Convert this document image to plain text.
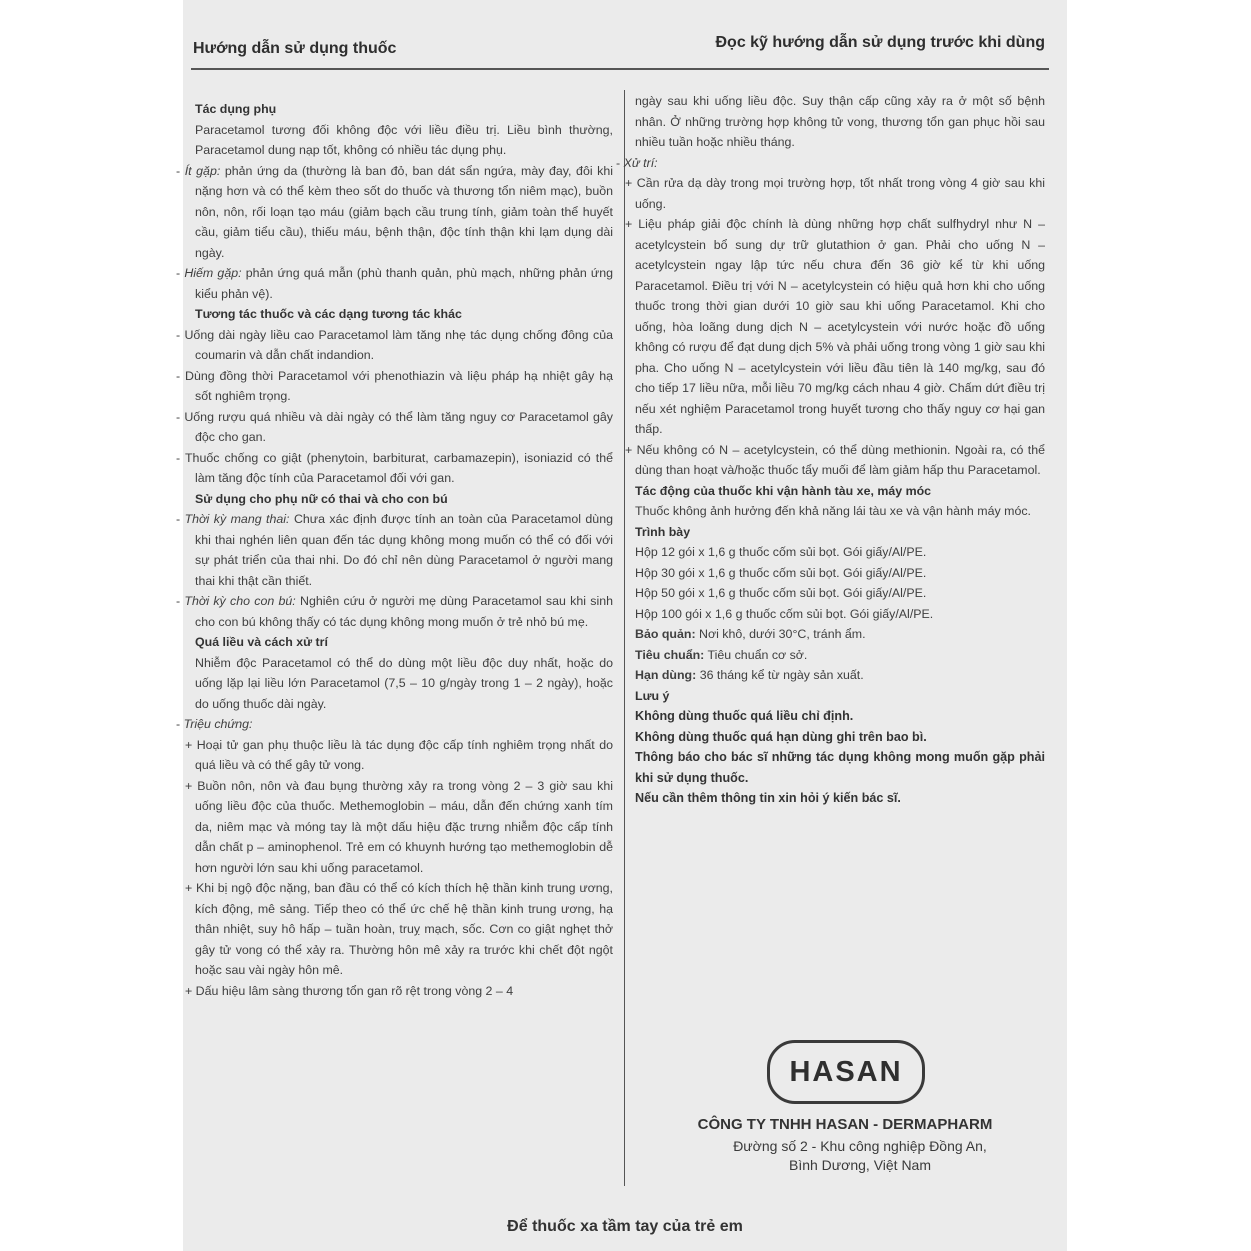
Hướng dẫn sử dụng thuốc	Đọc kỹ hướng dẫn sử dụng trước khi dùng

Tác dụng phụ

Paracetamol tương đối không độc với liều điều trị. Liều bình thường, Paracetamol dung nạp tốt, không có nhiều tác dụng phụ.

- Ít gặp: phản ứng da (thường là ban đỏ, ban dát sẩn ngứa, mày đay, đôi khi nặng hơn và có thể kèm theo sốt do thuốc và thương tổn niêm mạc), buồn nôn, nôn, rối loạn tạo máu (giảm bạch cầu trung tính, giảm toàn thể huyết cầu, giảm tiểu cầu), thiếu máu, bệnh thận, độc tính thận khi lạm dụng dài ngày.

- Hiếm gặp: phản ứng quá mẫn (phù thanh quản, phù mạch, những phản ứng kiểu phản vệ).

Tương tác thuốc và các dạng tương tác khác

- Uống dài ngày liều cao Paracetamol làm tăng nhẹ tác dụng chống đông của coumarin và dẫn chất indandion.

- Dùng đồng thời Paracetamol với phenothiazin và liệu pháp hạ nhiệt gây hạ sốt nghiêm trọng.

- Uống rượu quá nhiều và dài ngày có thể làm tăng nguy cơ Paracetamol gây độc cho gan.

- Thuốc chống co giật (phenytoin, barbiturat, carbamazepin), isoniazid có thể làm tăng độc tính của Paracetamol đối với gan.

Sử dụng cho phụ nữ có thai và cho con bú

- Thời kỳ mang thai: Chưa xác định được tính an toàn của Paracetamol dùng khi thai nghén liên quan đến tác dụng không mong muốn có thể có đối với sự phát triển của thai nhi. Do đó chỉ nên dùng Paracetamol ở người mang thai khi thật cần thiết.

- Thời kỳ cho con bú: Nghiên cứu ở người mẹ dùng Paracetamol sau khi sinh cho con bú không thấy có tác dụng không mong muốn ở trẻ nhỏ bú mẹ.

Quá liều và cách xử trí

Nhiễm độc Paracetamol có thể do dùng một liều độc duy nhất, hoặc do uống lặp lại liều lớn Paracetamol (7,5 – 10 g/ngày trong 1 – 2 ngày), hoặc do uống thuốc dài ngày.

- Triệu chứng:

+ Hoại tử gan phụ thuộc liều là tác dụng độc cấp tính nghiêm trọng nhất do quá liều và có thể gây tử vong.

+ Buồn nôn, nôn và đau bụng thường xảy ra trong vòng 2 – 3 giờ sau khi uống liều độc của thuốc. Methemoglobin – máu, dẫn đến chứng xanh tím da, niêm mạc và móng tay là một dấu hiệu đặc trưng nhiễm độc cấp tính dẫn chất p – aminophenol. Trẻ em có khuynh hướng tạo methemoglobin dễ hơn người lớn sau khi uống paracetamol.

+ Khi bị ngộ độc nặng, ban đầu có thể có kích thích hệ thần kinh trung ương, kích động, mê sảng. Tiếp theo có thể ức chế hệ thần kinh trung ương, hạ thân nhiệt, suy hô hấp – tuần hoàn, truỵ mạch, sốc. Cơn co giật nghẹt thở gây tử vong có thể xảy ra. Thường hôn mê xảy ra trước khi chết đột ngột hoặc sau vài ngày hôn mê.

+ Dấu hiệu lâm sàng thương tổn gan rõ rệt trong vòng 2 – 4

ngày sau khi uống liều độc. Suy thận cấp cũng xảy ra ở một số bệnh nhân. Ở những trường hợp không tử vong, thương tổn gan phục hồi sau nhiều tuần hoặc nhiều tháng.

- Xử trí:

+ Cần rửa dạ dày trong mọi trường hợp, tốt nhất trong vòng 4 giờ sau khi uống.

+ Liệu pháp giải độc chính là dùng những hợp chất sulfhydryl như N – acetylcystein bổ sung dự trữ glutathion ở gan. Phải cho uống N – acetylcystein ngay lập tức nếu chưa đến 36 giờ kể từ khi uống Paracetamol. Điều trị với N – acetylcystein có hiệu quả hơn khi cho uống thuốc trong thời gian dưới 10 giờ sau khi uống Paracetamol. Khi cho uống, hòa loãng dung dịch N – acetylcystein với nước hoặc đồ uống không có rượu để đạt dung dịch 5% và phải uống trong vòng 1 giờ sau khi pha. Cho uống N – acetylcystein với liều đầu tiên là 140 mg/kg, sau đó cho tiếp 17 liều nữa, mỗi liều 70 mg/kg cách nhau 4 giờ. Chấm dứt điều trị nếu xét nghiệm Paracetamol trong huyết tương cho thấy nguy cơ hại gan thấp.

+ Nếu không có N – acetylcystein, có thể dùng methionin. Ngoài ra, có thể dùng than hoạt và/hoặc thuốc tẩy muối để làm giảm hấp thu Paracetamol.

Tác động của thuốc khi vận hành tàu xe, máy móc

Thuốc không ảnh hưởng đến khả năng lái tàu xe và vận hành máy móc.

Trình bày

Hộp 12 gói x 1,6 g thuốc cốm sủi bọt. Gói giấy/Al/PE.

Hộp 30 gói x 1,6 g thuốc cốm sủi bọt. Gói giấy/Al/PE.

Hộp 50 gói x 1,6 g thuốc cốm sủi bọt. Gói giấy/Al/PE.

Hộp 100 gói x 1,6 g thuốc cốm sủi bọt. Gói giấy/Al/PE.

Bảo quản: Nơi khô, dưới 30°C, tránh ẩm.

Tiêu chuẩn: Tiêu chuẩn cơ sở.

Hạn dùng: 36 tháng kể từ ngày sản xuất.

Lưu ý

Không dùng thuốc quá liều chỉ định.

Không dùng thuốc quá hạn dùng ghi trên bao bì.

Thông báo cho bác sĩ những tác dụng không mong muốn gặp phải khi sử dụng thuốc.

Nếu cần thêm thông tin xin hỏi ý kiến bác sĩ.

HASAN
CÔNG TY TNHH HASAN - DERMAPHARM
Đường số 2 - Khu công nghiệp Đồng An,
Bình Dương, Việt Nam
Để thuốc xa tầm tay của trẻ em
